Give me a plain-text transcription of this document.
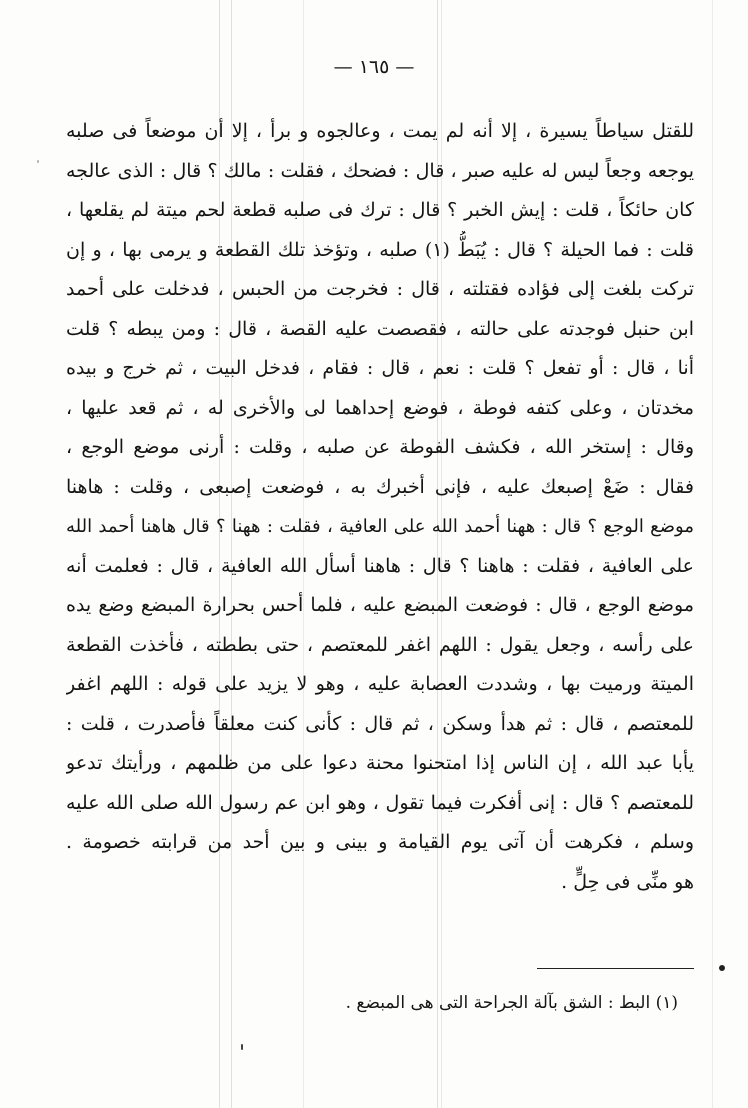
— ١٦٥ —
للقتل سياطاً يسيرة ، إلا أنه لم يمت ، وعالجوه و برأ ، إلا أن موضعاً فى صلبه
يوجعه وجعاً ليس له عليه صبر ، قال : فضحك ، فقلت : مالك ؟ قال : الذى عالجه
كان حائكاً ، قلت : إيش الخبر ؟ قال : ترك فى صلبه قطعة لحم ميتة لم يقلعها ،
قلت : فما الحيلة ؟ قال : يُبَطُّ (١) صلبه ، وتؤخذ تلك القطعة و يرمى بها ، و إن
تركت بلغت إلى فؤاده فقتلته ، قال : فخرجت من الحبس ، فدخلت على أحمد
ابن حنبل فوجدته على حالته ، فقصصت عليه القصة ، قال : ومن يبطه ؟ قلت
أنا ، قال : أو تفعل ؟ قلت : نعم ، قال : فقام ، فدخل البيت ، ثم خرج و بيده
مخدتان ، وعلى كتفه فوطة ، فوضع إحداهما لى والأخرى له ، ثم قعد عليها ،
وقال : إستخر الله ، فكشف الفوطة عن صلبه ، وقلت : أرنى موضع الوجع ،
فقال : ضَعْ إصبعك عليه ، فإنى أخبرك به ، فوضعت إصبعى ، وقلت : هاهنا
موضع الوجع ؟ قال : ههنا أحمد الله على العافية ، فقلت : ههنا ؟ قال هاهنا أحمد الله
على العافية ، فقلت : هاهنا ؟ قال : هاهنا أسأل الله العافية ، قال : فعلمت أنه
موضع الوجع ، قال : فوضعت المبضع عليه ، فلما أحس بحرارة المبضع وضع يده
على رأسه ، وجعل يقول : اللهم اغفر للمعتصم ، حتى بططته ، فأخذت القطعة
الميتة ورميت بها ، وشددت العصابة عليه ، وهو لا يزيد على قوله : اللهم اغفر
للمعتصم ، قال : ثم هدأ وسكن ، ثم قال : كأنى كنت معلقاً فأصدرت ، قلت :
يأبا عبد الله ، إن الناس إذا امتحنوا محنة دعوا على من ظلمهم ، ورأيتك تدعو
للمعتصم ؟ قال : إنى أفكرت فيما تقول ، وهو ابن عم رسول الله صلى الله عليه
وسلم ، فكرهت أن آتى يوم القيامة و بينى و بين أحد من قرابته خصومة .
هو منِّى فى حِلٍّ .
(١) البط : الشق بآلة الجراحة التى هى المبضع .
